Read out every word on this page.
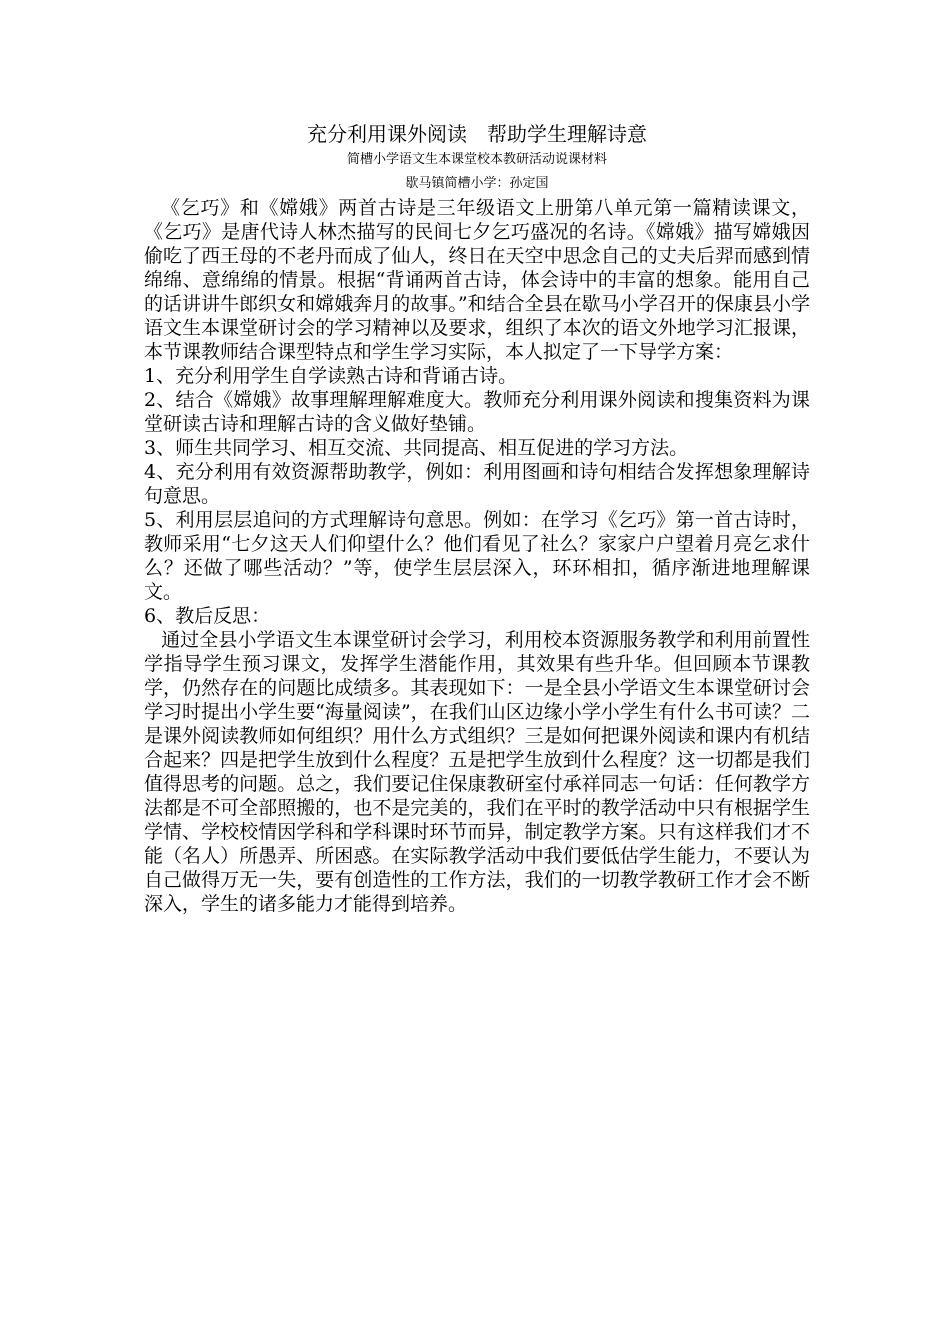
充分利用课外阅读　帮助学生理解诗意

简槽小学语文生本课堂校本教研活动说课材料

歇马镇简槽小学：孙定国

《乞巧》和《嫦娥》两首古诗是三年级语文上册第八单元第一篇精读课文，《乞巧》是唐代诗人林杰描写的民间七夕乞巧盛况的名诗。《嫦娥》描写嫦娥因偷吃了西王母的不老丹而成了仙人，终日在天空中思念自己的丈夫后羿而感到情绵绵、意绵绵的情景。根据“背诵两首古诗，体会诗中的丰富的想象。能用自己的话讲讲牛郎织女和嫦娥奔月的故事。”和结合全县在歇马小学召开的保康县小学语文生本课堂研讨会的学习精神以及要求，组织了本次的语文外地学习汇报课，本节课教师结合课型特点和学生学习实际，本人拟定了一下导学方案：

1、充分利用学生自学读熟古诗和背诵古诗。

2、结合《嫦娥》故事理解理解难度大。教师充分利用课外阅读和搜集资料为课堂研读古诗和理解古诗的含义做好垫铺。

3、师生共同学习、相互交流、共同提高、相互促进的学习方法。

4、充分利用有效资源帮助教学，例如：利用图画和诗句相结合发挥想象理解诗句意思。

5、利用层层追问的方式理解诗句意思。例如：在学习《乞巧》第一首古诗时，教师采用“七夕这天人们仰望什么？他们看见了社么？家家户户望着月亮乞求什么？还做了哪些活动？”等，使学生层层深入，环环相扣，循序渐进地理解课文。

6、教后反思：

通过全县小学语文生本课堂研讨会学习，利用校本资源服务教学和利用前置性学指导学生预习课文，发挥学生潜能作用，其效果有些升华。但回顾本节课教学，仍然存在的问题比成绩多。其表现如下：一是全县小学语文生本课堂研讨会学习时提出小学生要“海量阅读”，在我们山区边缘小学小学生有什么书可读？二是课外阅读教师如何组织？用什么方式组织？三是如何把课外阅读和课内有机结合起来？四是把学生放到什么程度？五是把学生放到什么程度？这一切都是我们值得思考的问题。总之，我们要记住保康教研室付承祥同志一句话：任何教学方法都是不可全部照搬的，也不是完美的，我们在平时的教学活动中只有根据学生学情、学校校情因学科和学科课时环节而异，制定教学方案。只有这样我们才不能（名人）所愚弄、所困惑。在实际教学活动中我们要低估学生能力，不要认为自己做得万无一失，要有创造性的工作方法，我们的一切教学教研工作才会不断深入，学生的诸多能力才能得到培养。
